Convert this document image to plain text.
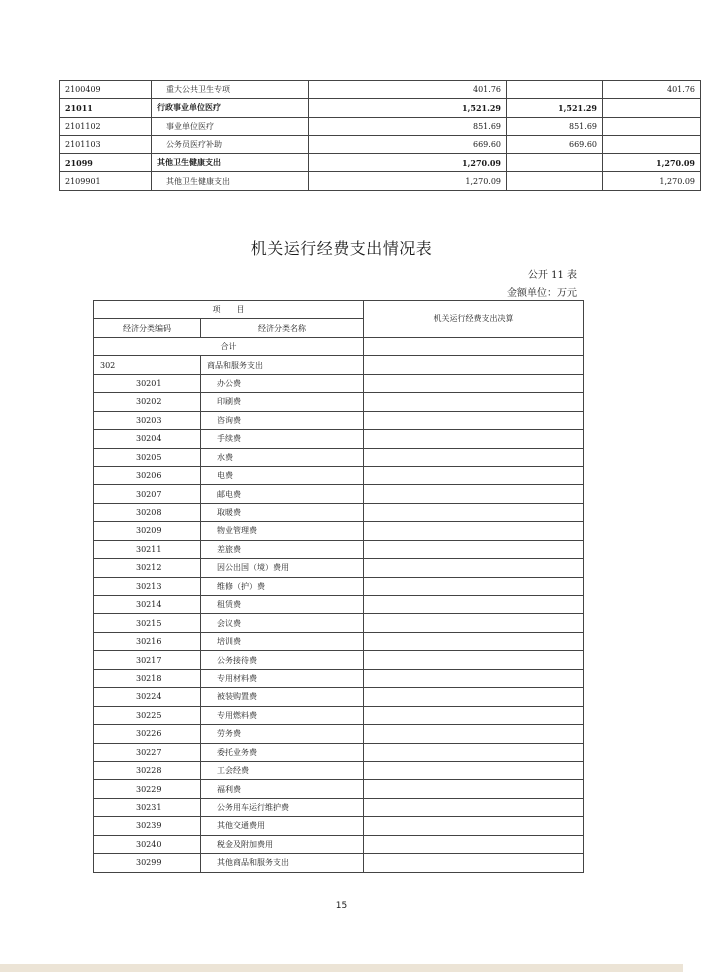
2100409	重大公共卫生专项	401.76		401.76
21011	行政事业单位医疗	1,521.29	1,521.29	
2101102	事业单位医疗	851.69	851.69	
2101103	公务员医疗补助	669.60	669.60	
21099	其他卫生健康支出	1,270.09		1,270.09
2109901	其他卫生健康支出	1,270.09		1,270.09
机关运行经费支出情况表
公开 11 表
金额单位：万元
项　　目		机关运行经费支出决算
经济分类编码	经济分类名称	
合计		
302	商品和服务支出	
30201	办公费	
30202	印刷费	
30203	咨询费	
30204	手续费	
30205	水费	
30206	电费	
30207	邮电费	
30208	取暖费	
30209	物业管理费	
30211	差旅费	
30212	因公出国（境）费用	
30213	维修（护）费	
30214	租赁费	
30215	会议费	
30216	培训费	
30217	公务接待费	
30218	专用材料费	
30224	被装购置费	
30225	专用燃料费	
30226	劳务费	
30227	委托业务费	
30228	工会经费	
30229	福利费	
30231	公务用车运行维护费	
30239	其他交通费用	
30240	税金及附加费用	
30299	其他商品和服务支出	
15
